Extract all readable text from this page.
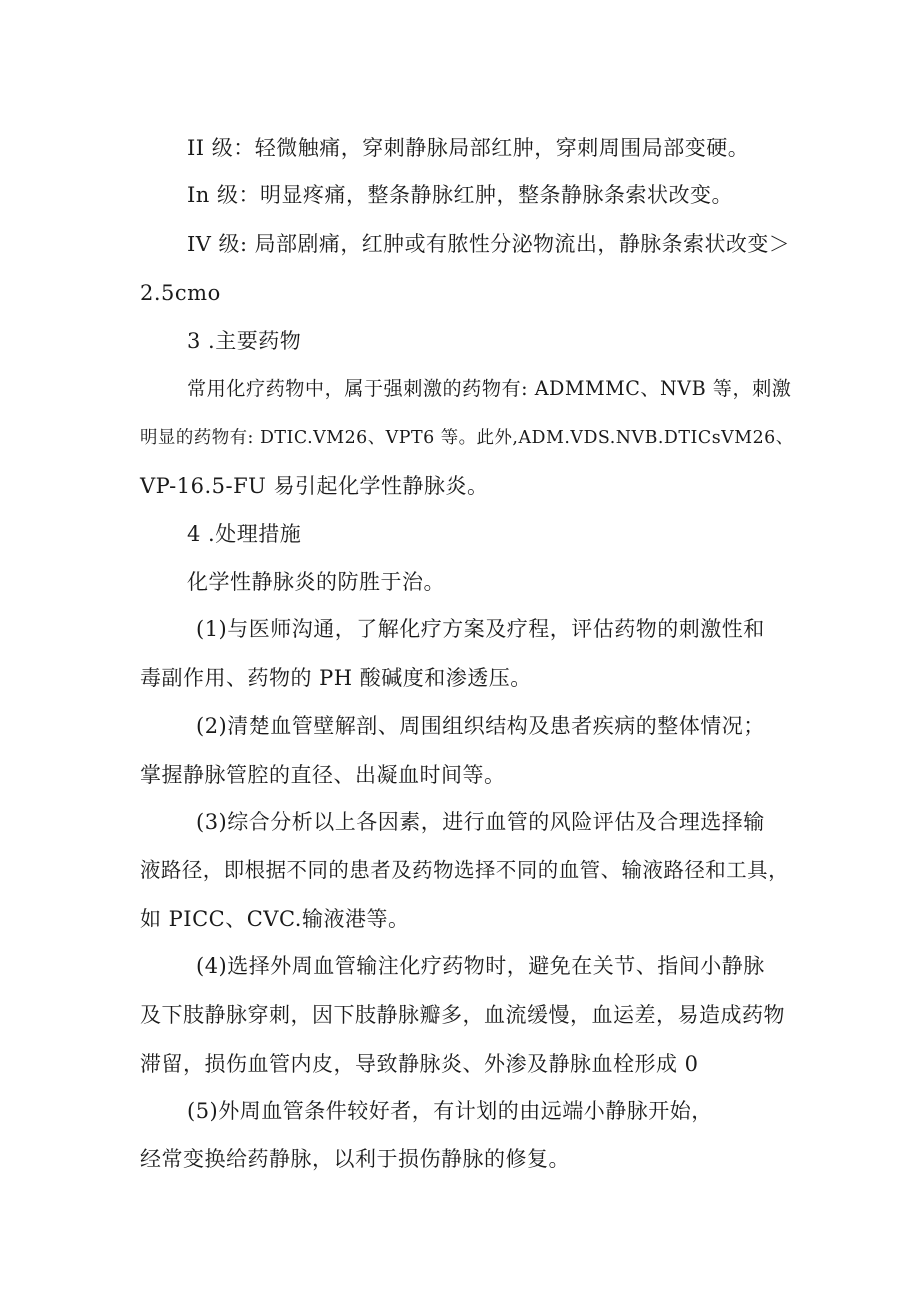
II 级：轻微触痛，穿刺静脉局部红肿，穿刺周围局部变硬。
In 级：明显疼痛，整条静脉红肿，整条静脉条索状改变。
IV 级: 局部剧痛，红肿或有脓性分泌物流出，静脉条索状改变＞
2.5cmo
3 .主要药物
常用化疗药物中，属于强刺激的药物有: ADMMMC、NVB 等，刺激
明显的药物有: DTIC.VM26、VPT6 等。此外,ADM.VDS.NVB.DTICsVM26、
VP-16.5-FU 易引起化学性静脉炎。
4 .处理措施
化学性静脉炎的防胜于治。
(1)与医师沟通，了解化疗方案及疗程，评估药物的刺激性和
毒副作用、药物的 PH 酸碱度和渗透压。
(2)清楚血管壁解剖、周围组织结构及患者疾病的整体情况；
掌握静脉管腔的直径、出凝血时间等。
(3)综合分析以上各因素，进行血管的风险评估及合理选择输
液路径，即根据不同的患者及药物选择不同的血管、输液路径和工具，
如 PICC、CVC.输液港等。
(4)选择外周血管输注化疗药物时，避免在关节、指间小静脉
及下肢静脉穿刺，因下肢静脉瓣多，血流缓慢，血运差，易造成药物
滞留，损伤血管内皮，导致静脉炎、外渗及静脉血栓形成 0
(5)外周血管条件较好者，有计划的由远端小静脉开始，
经常变换给药静脉，以利于损伤静脉的修复。
